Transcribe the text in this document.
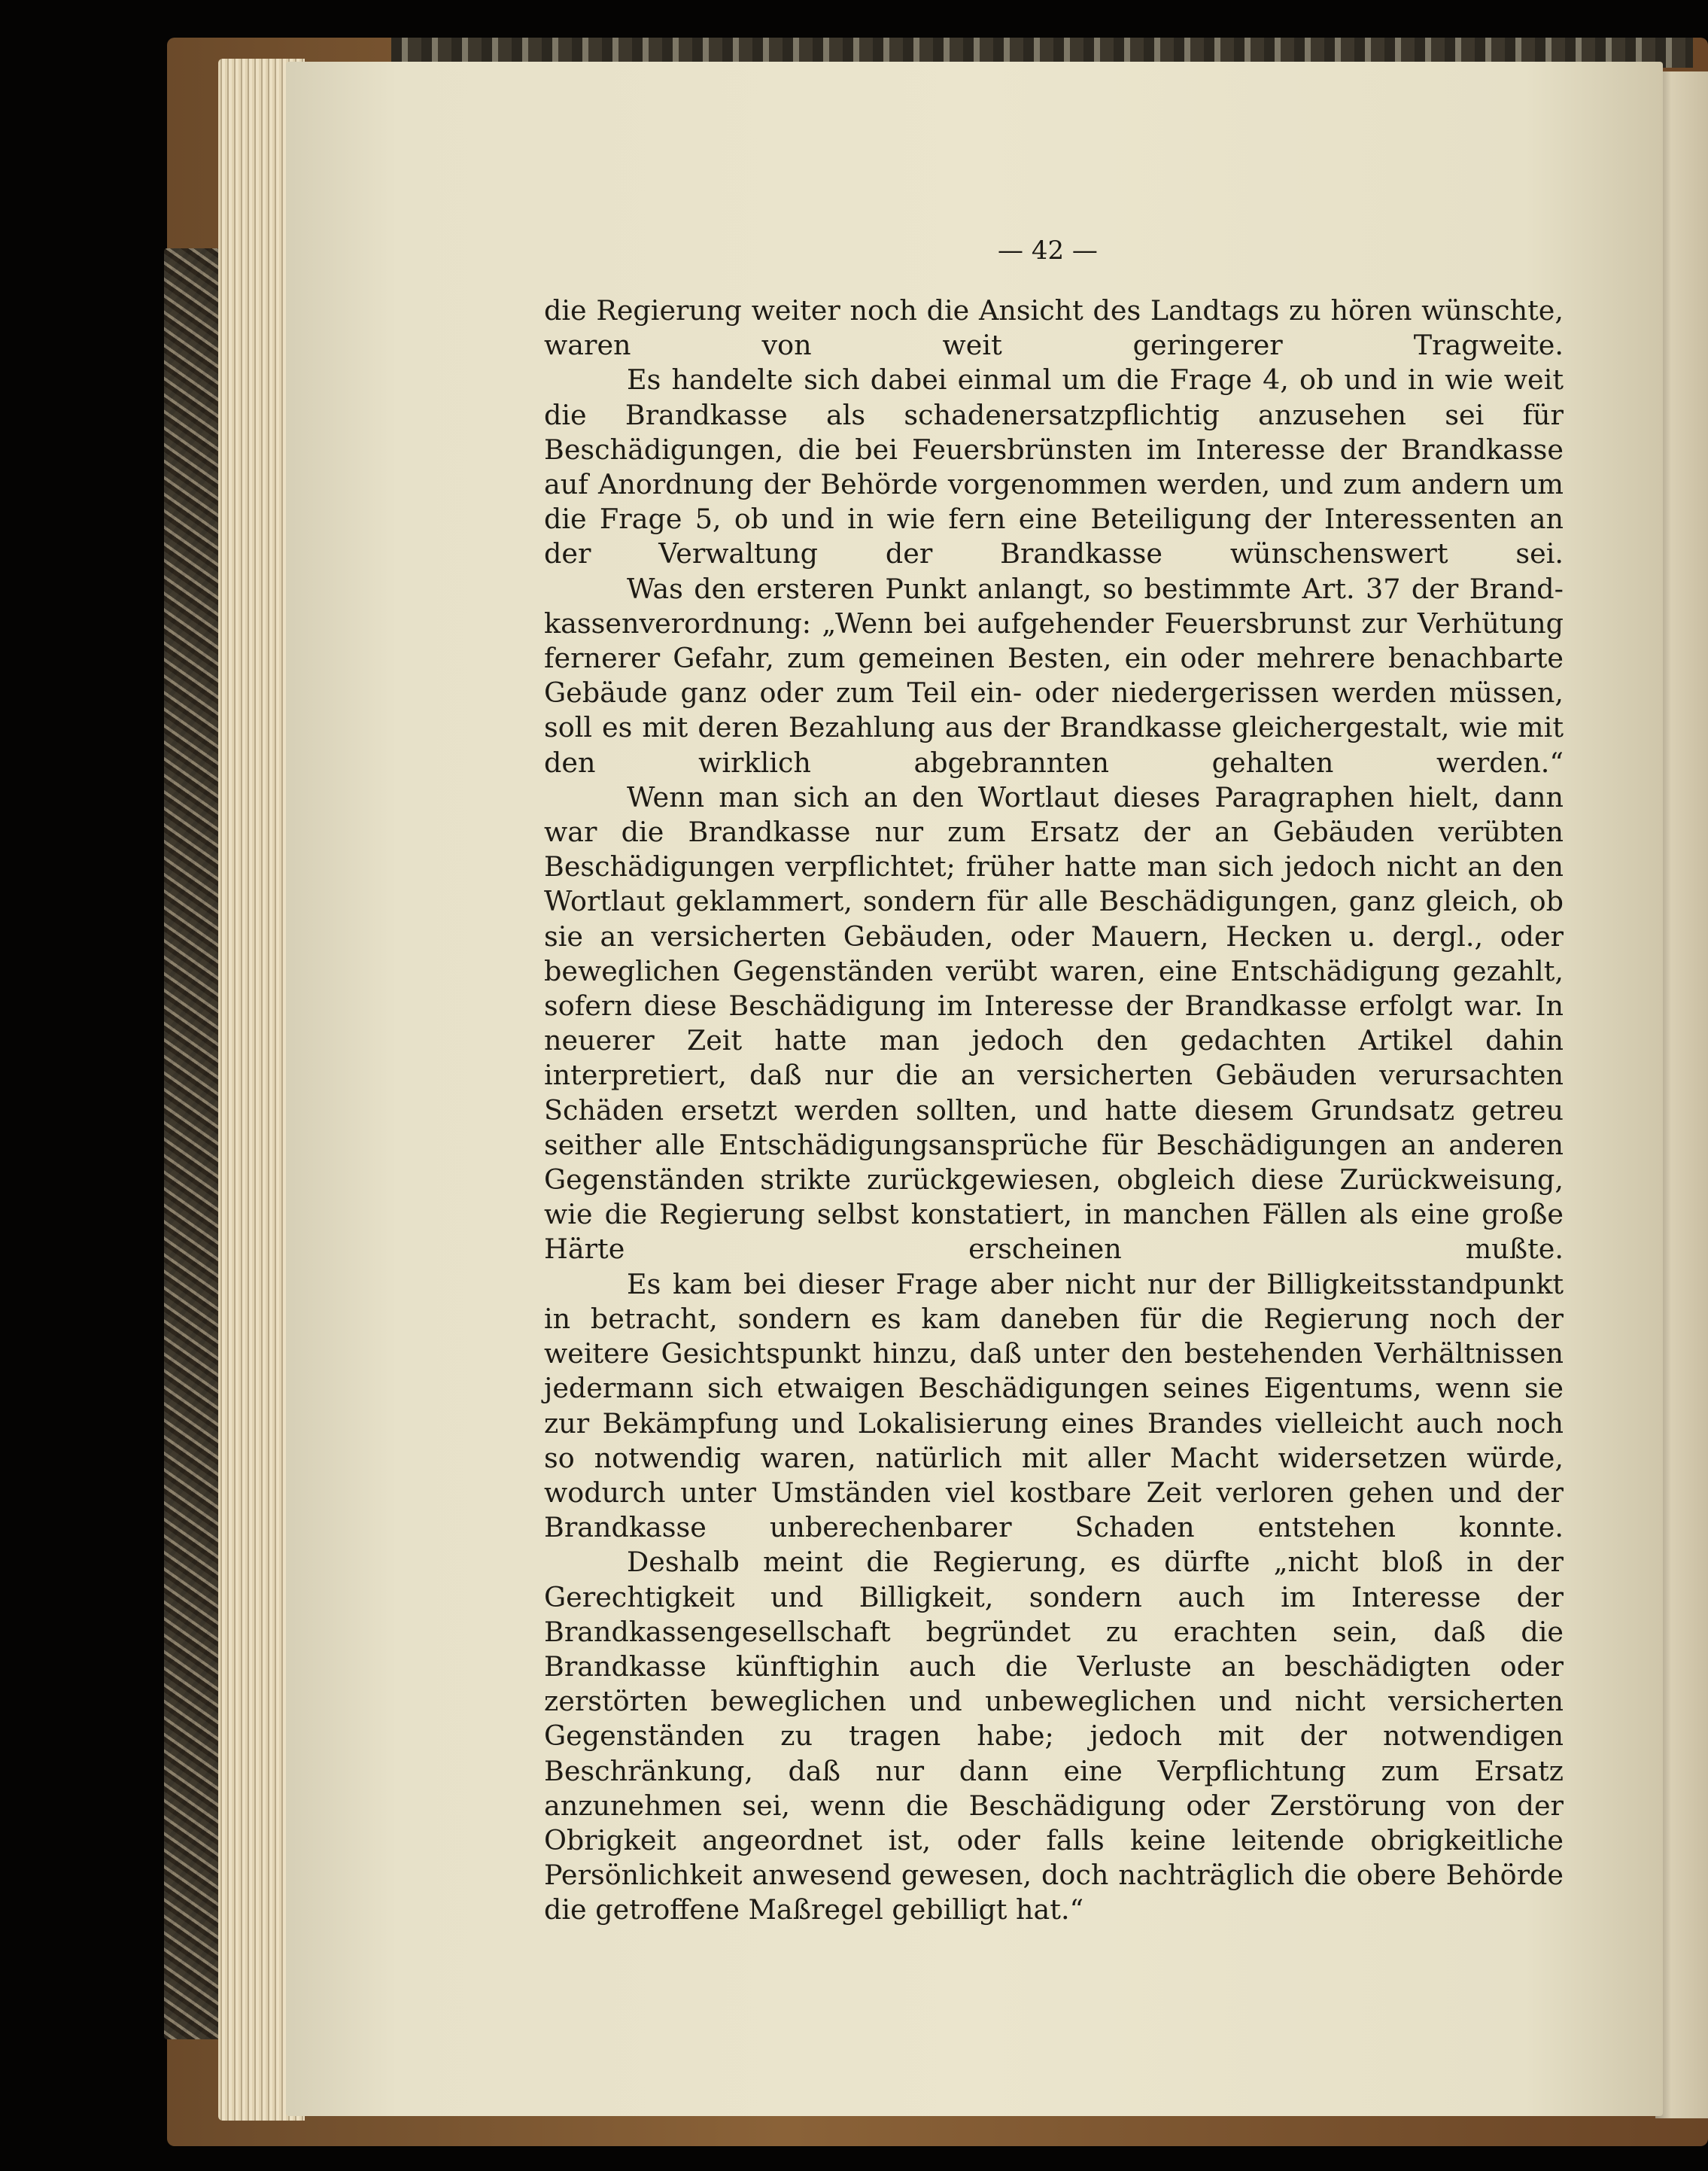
— 42 —

die Regierung weiter noch die Ansicht des Landtags zu hören wünschte, waren von weit geringerer Tragweite.

Es handelte sich dabei einmal um die Frage 4, ob und in wie weit die Brandkasse als schadenersatzpflichtig anzusehen sei für Beschädigungen, die bei Feuersbrünsten im Interesse der Brandkasse auf Anordnung der Behörde vorgenommen werden, und zum andern um die Frage 5, ob und in wie fern eine Beteiligung der Interessenten an der Verwaltung der Brandkasse wünschenswert sei.

Was den ersteren Punkt anlangt, so bestimmte Art. 37 der Brand-kassenverordnung: „Wenn bei aufgehender Feuersbrunst zur Verhütung fernerer Gefahr, zum gemeinen Besten, ein oder mehrere benachbarte Gebäude ganz oder zum Teil ein- oder niedergerissen werden müssen, soll es mit deren Bezahlung aus der Brandkasse gleichergestalt, wie mit den wirklich abgebrannten gehalten werden.“

Wenn man sich an den Wortlaut dieses Paragraphen hielt, dann war die Brandkasse nur zum Ersatz der an Gebäuden verübten Beschädigungen verpflichtet; früher hatte man sich jedoch nicht an den Wortlaut geklammert, sondern für alle Beschädigungen, ganz gleich, ob sie an versicherten Gebäuden, oder Mauern, Hecken u. dergl., oder beweglichen Gegenständen verübt waren, eine Entschädigung gezahlt, sofern diese Beschädigung im Interesse der Brandkasse erfolgt war. In neuerer Zeit hatte man jedoch den gedachten Artikel dahin interpretiert, daß nur die an versicherten Gebäuden verursachten Schäden ersetzt werden sollten, und hatte diesem Grundsatz getreu seither alle Entschädigungsansprüche für Beschädigungen an anderen Gegenständen strikte zurückgewiesen, obgleich diese Zurückweisung, wie die Regierung selbst konstatiert, in manchen Fällen als eine große Härte erscheinen mußte.

Es kam bei dieser Frage aber nicht nur der Billigkeitsstandpunkt in betracht, sondern es kam daneben für die Regierung noch der weitere Gesichtspunkt hinzu, daß unter den bestehenden Verhältnissen jedermann sich etwaigen Beschädigungen seines Eigentums, wenn sie zur Bekämpfung und Lokalisierung eines Brandes vielleicht auch noch so notwendig waren, natürlich mit aller Macht widersetzen würde, wodurch unter Umständen viel kostbare Zeit verloren gehen und der Brandkasse unberechenbarer Schaden entstehen konnte.

Deshalb meint die Regierung, es dürfte „nicht bloß in der Gerechtigkeit und Billigkeit, sondern auch im Interesse der Brandkassengesellschaft begründet zu erachten sein, daß die Brandkasse künftighin auch die Verluste an beschädigten oder zerstörten beweglichen und unbeweglichen und nicht versicherten Gegenständen zu tragen habe; jedoch mit der notwendigen Beschränkung, daß nur dann eine Verpflichtung zum Ersatz anzunehmen sei, wenn die Beschädigung oder Zerstörung von der Obrigkeit angeordnet ist, oder falls keine leitende obrigkeitliche Persönlichkeit anwesend gewesen, doch nachträglich die obere Behörde die getroffene Maßregel gebilligt hat.“
